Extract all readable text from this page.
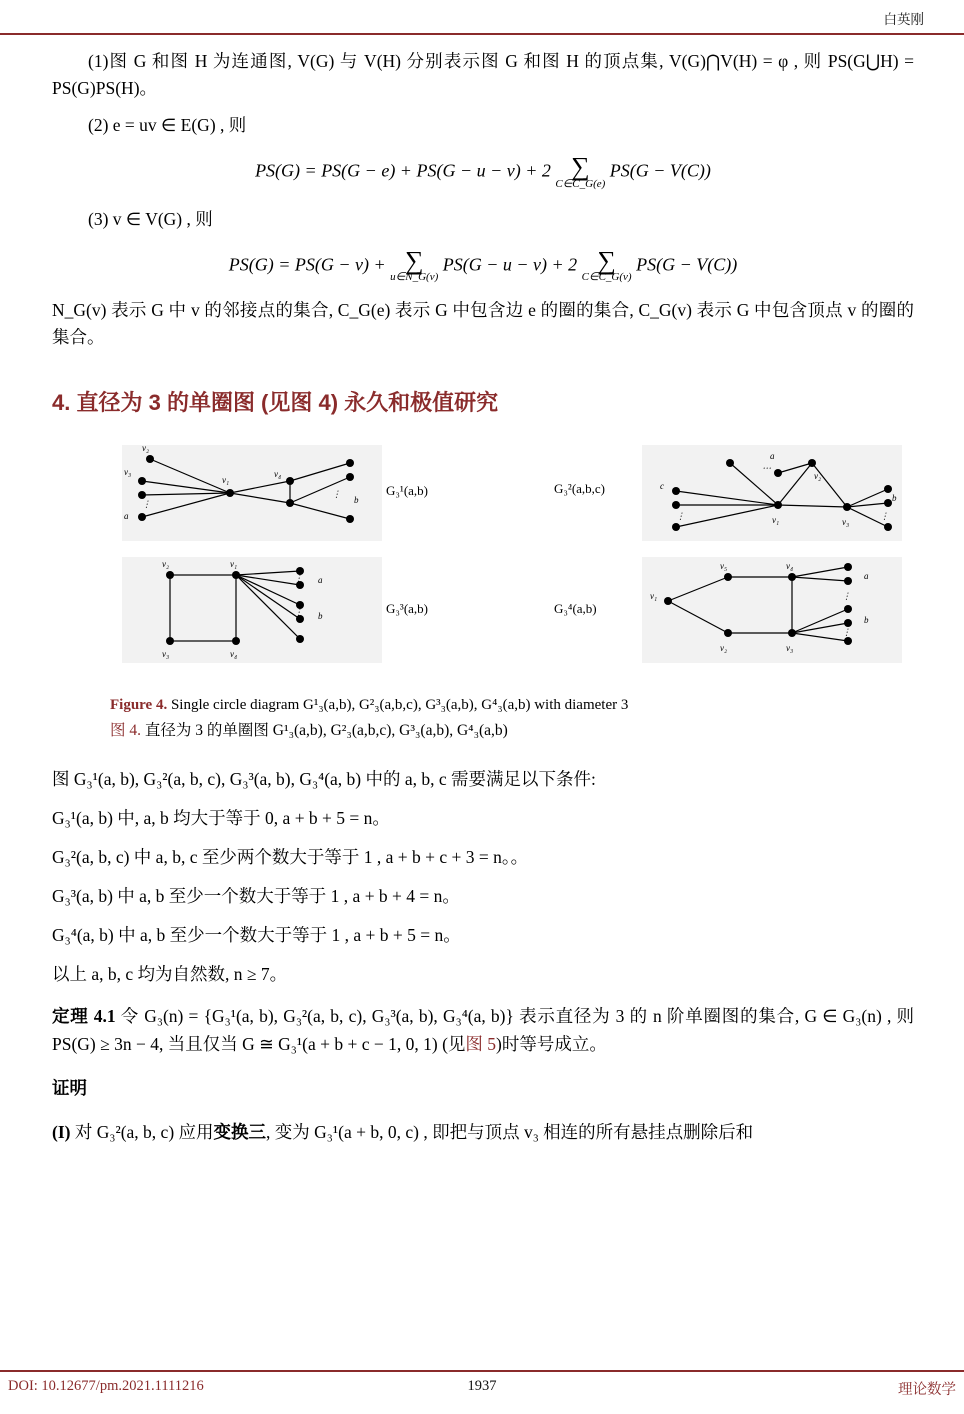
白英刚

(1)图 G 和图 H 为连通图, V(G) 与 V(H) 分别表示图 G 和图 H 的顶点集, V(G)⋂V(H) = φ , 则 PS(G⋃H) = PS(G)PS(H)。

(2) e = uv ∈ E(G) , 则

PS(G) = PS(G − e) + PS(G − u − v) + 2 ∑
C∈C_G(e)
PS(G − V(C))

(3) v ∈ V(G) , 则

PS(G) = PS(G − v) + ∑
u∈N_G(v)
PS(G − u − v) + 2 ∑
C∈C_G(v)
PS(G − V(C))

N_G(v) 表示 G 中 v 的邻接点的集合, C_G(e) 表示 G 中包含边 e 的圈的集合, C_G(v) 表示 G 中包含顶点 v 的圈的集合。

4. 直径为 3 的单圈图 (见图 4) 永久和极值研究
v₂
v₃
a
v₁
v₄
b
⋮
⋮	G₃¹(a,b)
a
⋯
v₂
c
⋮	v₁	v₃
b
⋮
G₃²(a,b,c)
v₂	v₁
v₃	v₄
a
b
⋮
⋮	G₃³(a,b)
v₅	v₄
v₁
v₂	v₃
a
b
⋮
⋮
G₃⁴(a,b)
Figure 4. Single circle diagram G¹₃(a,b), G²₃(a,b,c), G³₃(a,b), G⁴₃(a,b) with diameter 3
图 4. 直径为 3 的单圈图 G¹₃(a,b), G²₃(a,b,c), G³₃(a,b), G⁴₃(a,b)

图 G₃¹(a, b), G₃²(a, b, c), G₃³(a, b), G₃⁴(a, b) 中的 a, b, c 需要满足以下条件:

G₃¹(a, b) 中, a, b 均大于等于 0, a + b + 5 = n。

G₃²(a, b, c) 中 a, b, c 至少两个数大于等于 1 , a + b + c + 3 = n。。

G₃³(a, b) 中 a, b 至少一个数大于等于 1 , a + b + 4 = n。

G₃⁴(a, b) 中 a, b 至少一个数大于等于 1 , a + b + 5 = n。

以上 a, b, c 均为自然数, n ≥ 7。

定理 4.1 令 G₃(n) = {G₃¹(a, b), G₃²(a, b, c), G₃³(a, b), G₃⁴(a, b)} 表示直径为 3 的 n 阶单圈图的集合, G ∈ G₃(n) , 则 PS(G) ≥ 3n − 4, 当且仅当 G ≅ G₃¹(a + b + c − 1, 0, 1) (见图 5)时等号成立。

证明

(I) 对 G₃²(a, b, c) 应用变换三, 变为 G₃¹(a + b, 0, c) , 即把与顶点 v₃ 相连的所有悬挂点删除后和

DOI: 10.12677/pm.2021.1111216	1937	理论数学
